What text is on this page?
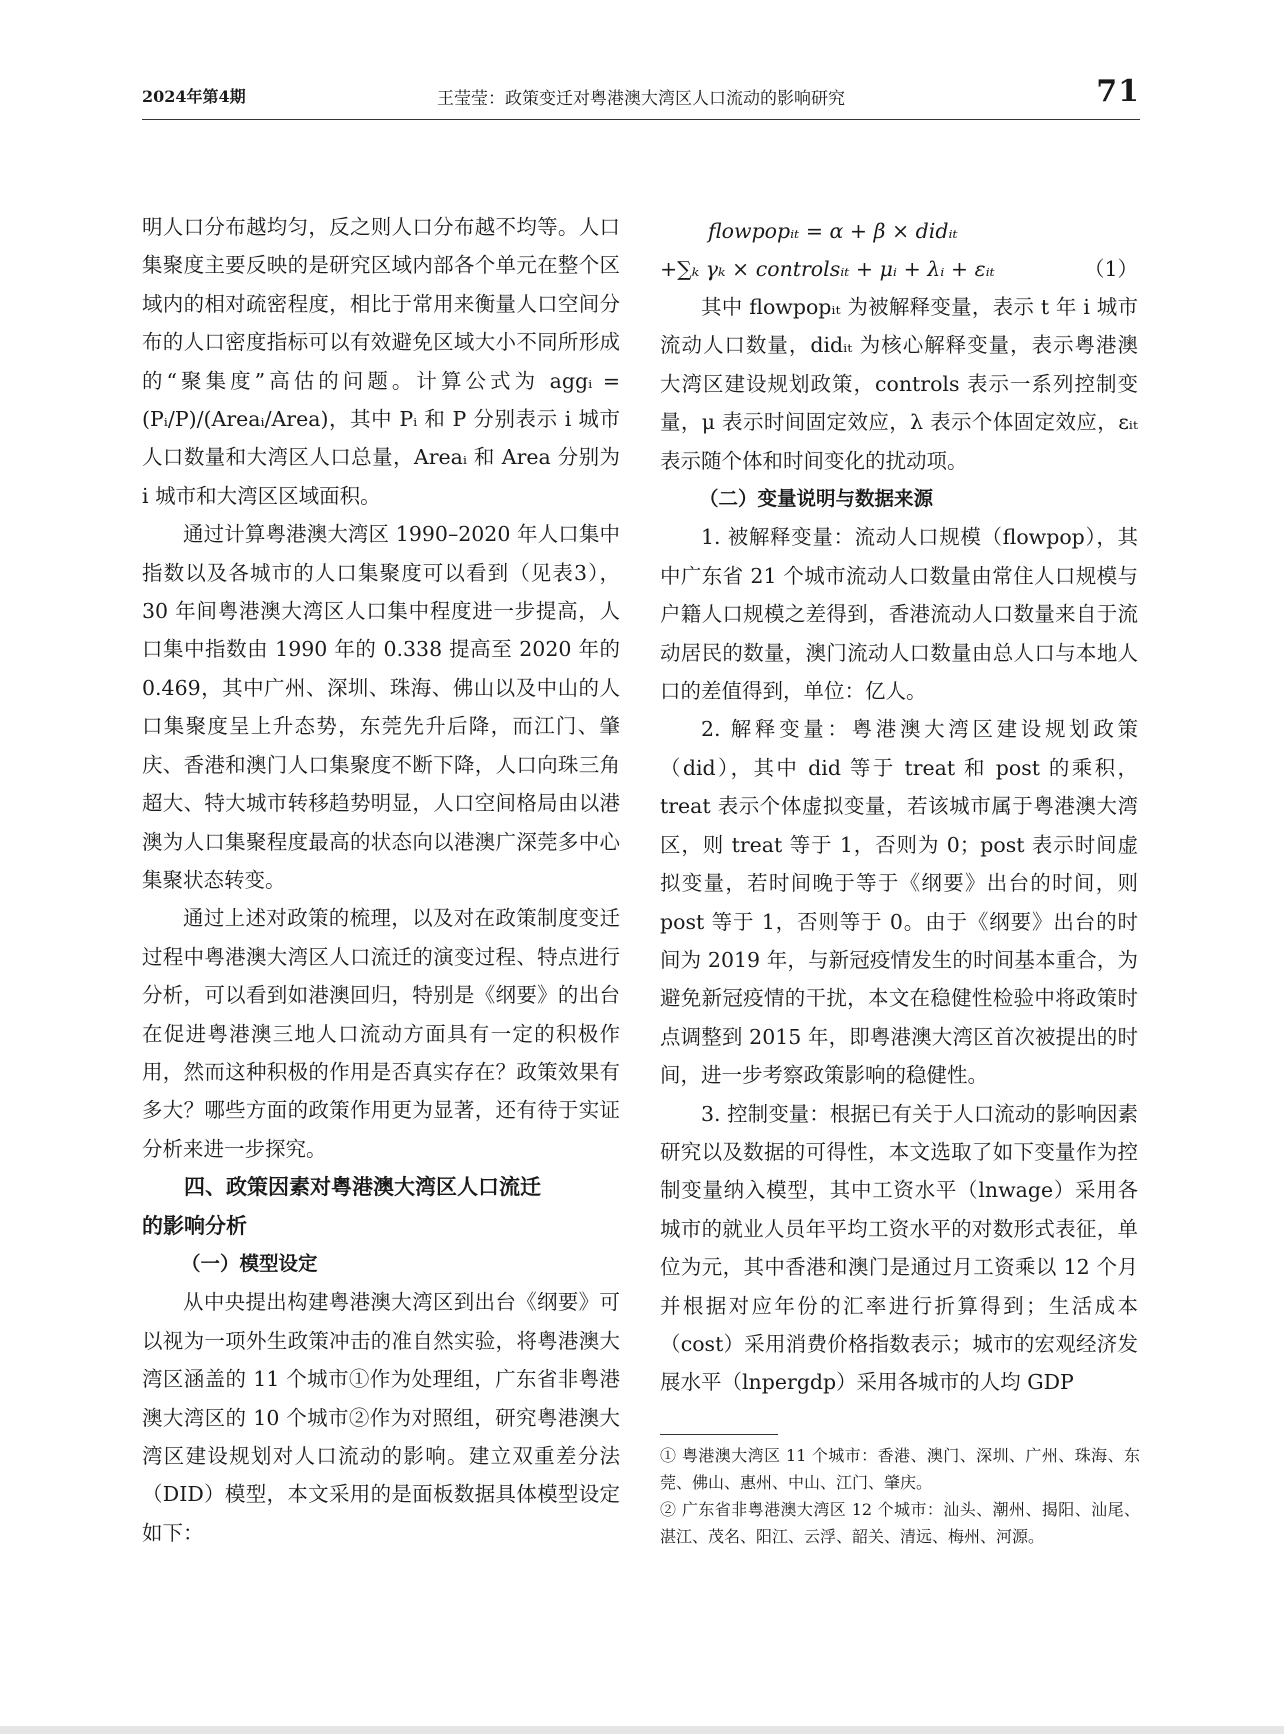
2024年第4期	王莹莹：政策变迁对粤港澳大湾区人口流动的影响研究	71

明人口分布越均匀，反之则人口分布越不均等。人口集聚度主要反映的是研究区域内部各个单元在整个区域内的相对疏密程度，相比于常用来衡量人口空间分布的人口密度指标可以有效避免区域大小不同所形成的“聚集度”高估的问题。计算公式为 aggᵢ = (Pᵢ/P)/(Areaᵢ/Area)，其中 Pᵢ 和 P 分别表示 i 城市人口数量和大湾区人口总量，Areaᵢ 和 Area 分别为 i 城市和大湾区区域面积。

通过计算粤港澳大湾区 1990–2020 年人口集中指数以及各城市的人口集聚度可以看到（见表3），30 年间粤港澳大湾区人口集中程度进一步提高，人口集中指数由 1990 年的 0.338 提高至 2020 年的 0.469，其中广州、深圳、珠海、佛山以及中山的人口集聚度呈上升态势，东莞先升后降，而江门、肇庆、香港和澳门人口集聚度不断下降，人口向珠三角超大、特大城市转移趋势明显，人口空间格局由以港澳为人口集聚程度最高的状态向以港澳广深莞多中心集聚状态转变。

通过上述对政策的梳理，以及对在政策制度变迁过程中粤港澳大湾区人口流迁的演变过程、特点进行分析，可以看到如港澳回归，特别是《纲要》的出台在促进粤港澳三地人口流动方面具有一定的积极作用，然而这种积极的作用是否真实存在？政策效果有多大？哪些方面的政策作用更为显著，还有待于实证分析来进一步探究。

四、政策因素对粤港澳大湾区人口流迁

的影响分析

（一）模型设定

从中央提出构建粤港澳大湾区到出台《纲要》可以视为一项外生政策冲击的准自然实验，将粤港澳大湾区涵盖的 11 个城市①作为处理组，广东省非粤港澳大湾区的 10 个城市②作为对照组，研究粤港澳大湾区建设规划对人口流动的影响。建立双重差分法（DID）模型，本文采用的是面板数据具体模型设定如下：

flowpopᵢₜ = α + β × didᵢₜ
+∑ₖ γₖ × controlsᵢₜ + μᵢ + λᵢ + εᵢₜ	（1）

其中 flowpopᵢₜ 为被解释变量，表示 t 年 i 城市流动人口数量，didᵢₜ 为核心解释变量，表示粤港澳大湾区建设规划政策，controls 表示一系列控制变量，μ 表示时间固定效应，λ 表示个体固定效应，εᵢₜ 表示随个体和时间变化的扰动项。

（二）变量说明与数据来源

1. 被解释变量：流动人口规模（flowpop），其中广东省 21 个城市流动人口数量由常住人口规模与户籍人口规模之差得到，香港流动人口数量来自于流动居民的数量，澳门流动人口数量由总人口与本地人口的差值得到，单位：亿人。

2. 解释变量：粤港澳大湾区建设规划政策（did），其中 did 等于 treat 和 post 的乘积，treat 表示个体虚拟变量，若该城市属于粤港澳大湾区，则 treat 等于 1，否则为 0；post 表示时间虚拟变量，若时间晚于等于《纲要》出台的时间，则 post 等于 1，否则等于 0。由于《纲要》出台的时间为 2019 年，与新冠疫情发生的时间基本重合，为避免新冠疫情的干扰，本文在稳健性检验中将政策时点调整到 2015 年，即粤港澳大湾区首次被提出的时间，进一步考察政策影响的稳健性。

3. 控制变量：根据已有关于人口流动的影响因素研究以及数据的可得性，本文选取了如下变量作为控制变量纳入模型，其中工资水平（lnwage）采用各城市的就业人员年平均工资水平的对数形式表征，单位为元，其中香港和澳门是通过月工资乘以 12 个月并根据对应年份的汇率进行折算得到；生活成本（cost）采用消费价格指数表示；城市的宏观经济发展水平（lnpergdp）采用各城市的人均 GDP

① 粤港澳大湾区 11 个城市：香港、澳门、深圳、广州、珠海、东莞、佛山、惠州、中山、江门、肇庆。

② 广东省非粤港澳大湾区 12 个城市：汕头、潮州、揭阳、汕尾、湛江、茂名、阳江、云浮、韶关、清远、梅州、河源。
